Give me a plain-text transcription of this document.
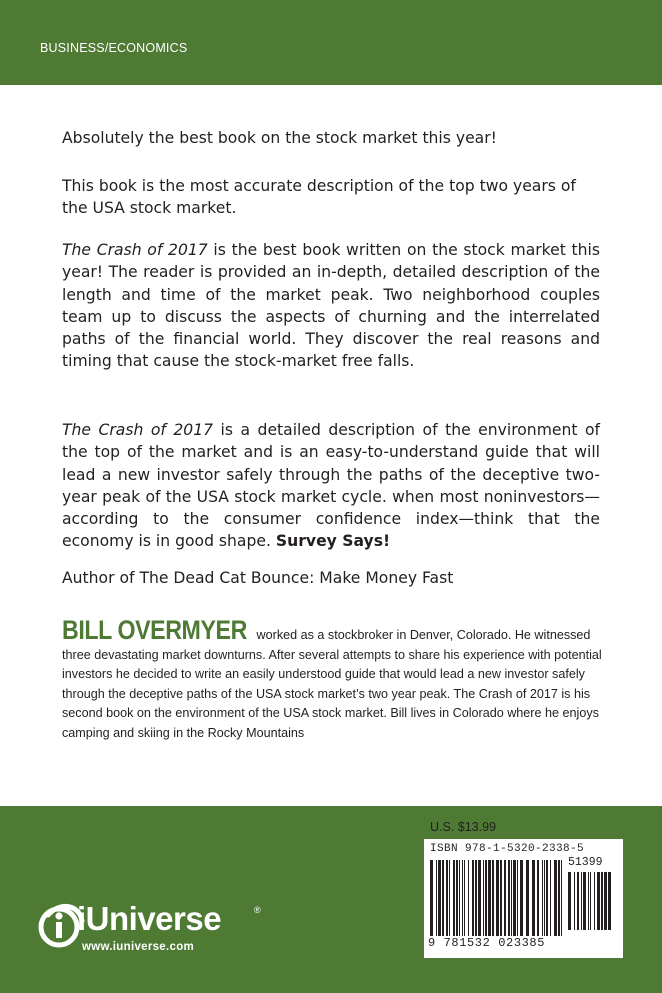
BUSINESS/ECONOMICS

Absolutely the best book on the stock market this year!

This book is the most accurate description of the top two years of the USA stock market.

The Crash of 2017 is the best book written on the stock market this year! The reader is provided an in-depth, detailed description of the length and time of the market peak. Two neighborhood couples team up to discuss the aspects of churning and the interrelated paths of the financial world. They discover the real reasons and timing that cause the stock-market free falls.

The Crash of 2017 is a detailed description of the environment of the top of the market and is an easy-to-understand guide that will lead a new investor safely through the paths of the deceptive two-year peak of the USA stock market cycle. when most noninvestors—according to the consumer confidence index—think that the economy is in good shape. Survey Says!

Author of The Dead Cat Bounce: Make Money Fast

BILL OVERMYER worked as a stockbroker in Denver, Colorado. He witnessed three devastating market downturns. After several attempts to share his experience with potential investors he decided to write an easily understood guide that would lead a new investor safely through the deceptive paths of the USA stock market’s two year peak. The Crash of 2017 is his second book on the environment of the USA stock market. Bill lives in Colorado where he enjoys camping and skiing in the Rocky Mountains

iUniverse	®
www.iuniverse.com
U.S. $13.99
ISBN 978-1-5320-2338-5
51399
9 781532 023385
